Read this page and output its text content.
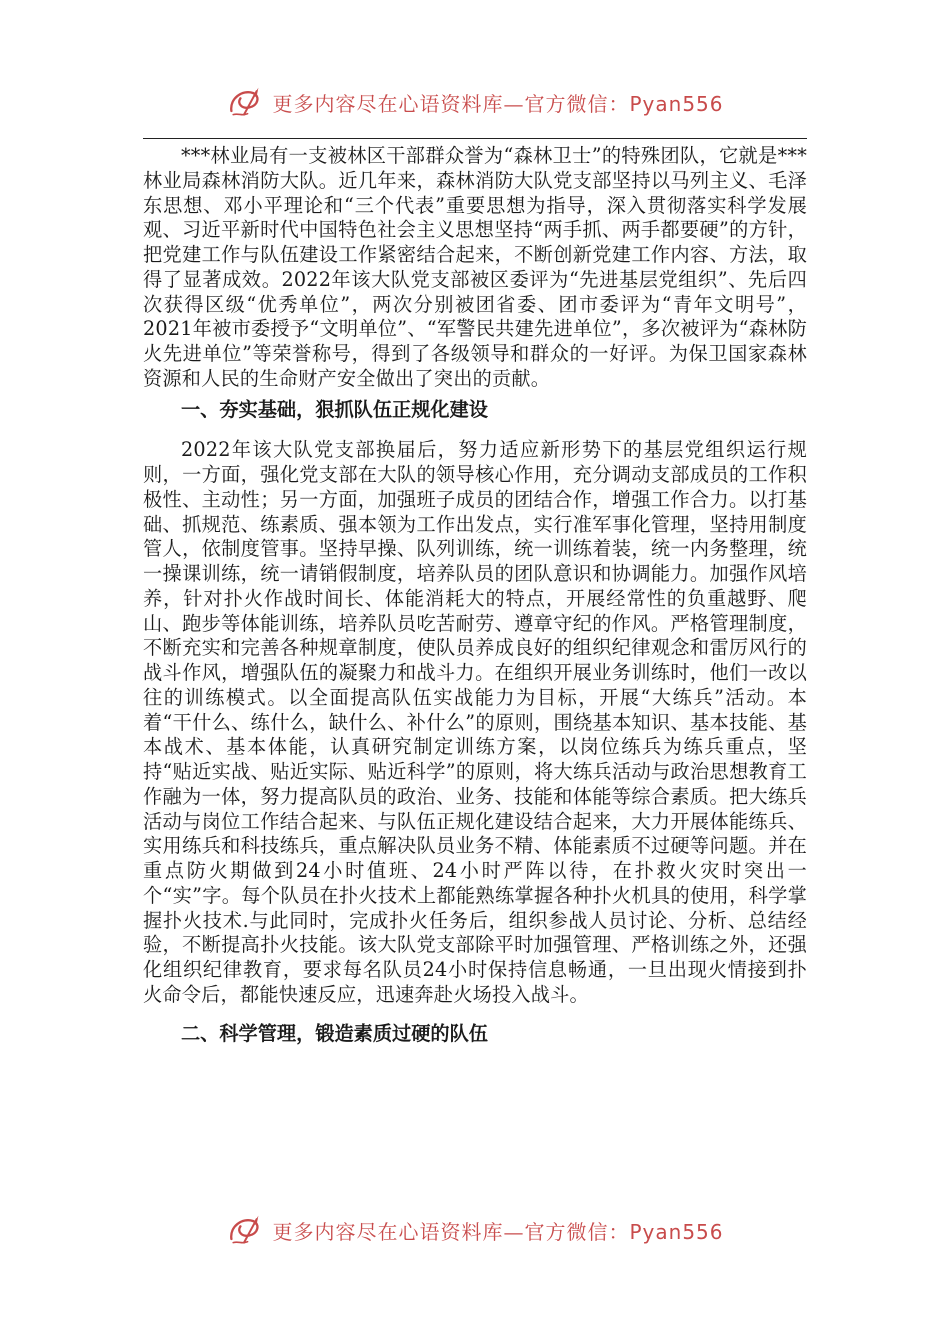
更多内容尽在心语资料库—官方微信：Pyan556

***林业局有一支被林区干部群众誉为“森林卫士”的特殊团队，它就是***林业局森林消防大队。近几年来，森林消防大队党支部坚持以马列主义、毛泽东思想、邓小平理论和“三个代表”重要思想为指导，深入贯彻落实科学发展观、习近平新时代中国特色社会主义思想坚持“两手抓、两手都要硬”的方针，把党建工作与队伍建设工作紧密结合起来，不断创新党建工作内容、方法，取得了显著成效。2022年该大队党支部被区委评为“先进基层党组织”、先后四次获得区级“优秀单位”，两次分别被团省委、团市委评为“青年文明号”，2021年被市委授予“文明单位”、“军警民共建先进单位”，多次被评为“森林防火先进单位”等荣誉称号，得到了各级领导和群众的一好评。为保卫国家森林资源和人民的生命财产安全做出了突出的贡献。

一、夯实基础，狠抓队伍正规化建设

2022年该大队党支部换届后，努力适应新形势下的基层党组织运行规则，一方面，强化党支部在大队的领导核心作用，充分调动支部成员的工作积极性、主动性；另一方面，加强班子成员的团结合作，增强工作合力。以打基础、抓规范、练素质、强本领为工作出发点，实行准军事化管理，坚持用制度管人，依制度管事。坚持早操、队列训练，统一训练着装，统一内务整理，统一操课训练，统一请销假制度，培养队员的团队意识和协调能力。加强作风培养，针对扑火作战时间长、体能消耗大的特点，开展经常性的负重越野、爬山、跑步等体能训练，培养队员吃苦耐劳、遵章守纪的作风。严格管理制度，不断充实和完善各种规章制度，使队员养成良好的组织纪律观念和雷厉风行的战斗作风，增强队伍的凝聚力和战斗力。在组织开展业务训练时，他们一改以往的训练模式。以全面提高队伍实战能力为目标，开展“大练兵”活动。本着“干什么、练什么，缺什么、补什么”的原则，围绕基本知识、基本技能、基本战术、基本体能，认真研究制定训练方案，以岗位练兵为练兵重点，坚持“贴近实战、贴近实际、贴近科学”的原则，将大练兵活动与政治思想教育工作融为一体，努力提高队员的政治、业务、技能和体能等综合素质。把大练兵活动与岗位工作结合起来、与队伍正规化建设结合起来，大力开展体能练兵、实用练兵和科技练兵，重点解决队员业务不精、体能素质不过硬等问题。并在重点防火期做到24小时值班、24小时严阵以待，在扑救火灾时突出一个“实”字。每个队员在扑火技术上都能熟练掌握各种扑火机具的使用，科学掌握扑火技术.与此同时，完成扑火任务后，组织参战人员讨论、分析、总结经验，不断提高扑火技能。该大队党支部除平时加强管理、严格训练之外，还强化组织纪律教育，要求每名队员24小时保持信息畅通，一旦出现火情接到扑火命令后，都能快速反应，迅速奔赴火场投入战斗。

二、科学管理，锻造素质过硬的队伍

更多内容尽在心语资料库—官方微信：Pyan556
